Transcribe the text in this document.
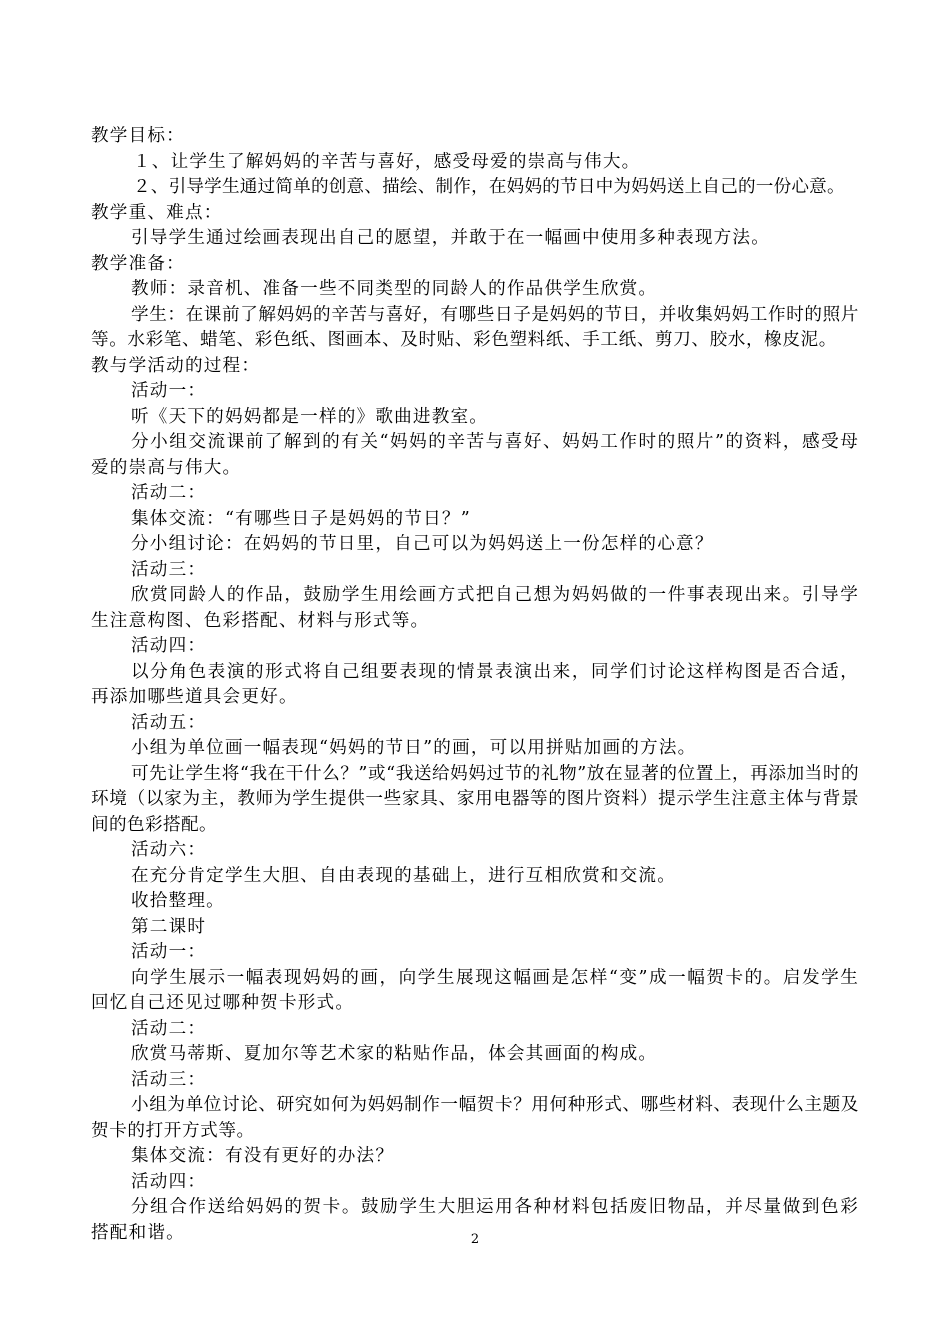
教学目标：
１、让学生了解妈妈的辛苦与喜好，感受母爱的崇高与伟大。
２、引导学生通过简单的创意、描绘、制作，在妈妈的节日中为妈妈送上自己的一份心意。
教学重、难点：
引导学生通过绘画表现出自己的愿望，并敢于在一幅画中使用多种表现方法。
教学准备：
教师：录音机、准备一些不同类型的同龄人的作品供学生欣赏。
学生：在课前了解妈妈的辛苦与喜好，有哪些日子是妈妈的节日，并收集妈妈工作时的照片等。水彩笔、蜡笔、彩色纸、图画本、及时贴、彩色塑料纸、手工纸、剪刀、胶水，橡皮泥。
教与学活动的过程：
活动一：
听《天下的妈妈都是一样的》歌曲进教室。
分小组交流课前了解到的有关“妈妈的辛苦与喜好、妈妈工作时的照片”的资料，感受母爱的崇高与伟大。
活动二：
集体交流：“有哪些日子是妈妈的节日？”
分小组讨论：在妈妈的节日里，自己可以为妈妈送上一份怎样的心意？
活动三：
欣赏同龄人的作品，鼓励学生用绘画方式把自己想为妈妈做的一件事表现出来。引导学生注意构图、色彩搭配、材料与形式等。
活动四：
以分角色表演的形式将自己组要表现的情景表演出来，同学们讨论这样构图是否合适，再添加哪些道具会更好。
活动五：
小组为单位画一幅表现“妈妈的节日”的画，可以用拼贴加画的方法。
可先让学生将“我在干什么？”或“我送给妈妈过节的礼物”放在显著的位置上，再添加当时的环境（以家为主，教师为学生提供一些家具、家用电器等的图片资料）提示学生注意主体与背景间的色彩搭配。
活动六：
在充分肯定学生大胆、自由表现的基础上，进行互相欣赏和交流。
收拾整理。
第二课时
活动一：
向学生展示一幅表现妈妈的画，向学生展现这幅画是怎样“变”成一幅贺卡的。启发学生回忆自己还见过哪种贺卡形式。
活动二：
欣赏马蒂斯、夏加尔等艺术家的粘贴作品，体会其画面的构成。
活动三：
小组为单位讨论、研究如何为妈妈制作一幅贺卡？用何种形式、哪些材料、表现什么主题及贺卡的打开方式等。
集体交流：有没有更好的办法？
活动四：
分组合作送给妈妈的贺卡。鼓励学生大胆运用各种材料包括废旧物品，并尽量做到色彩搭配和谐。	2
